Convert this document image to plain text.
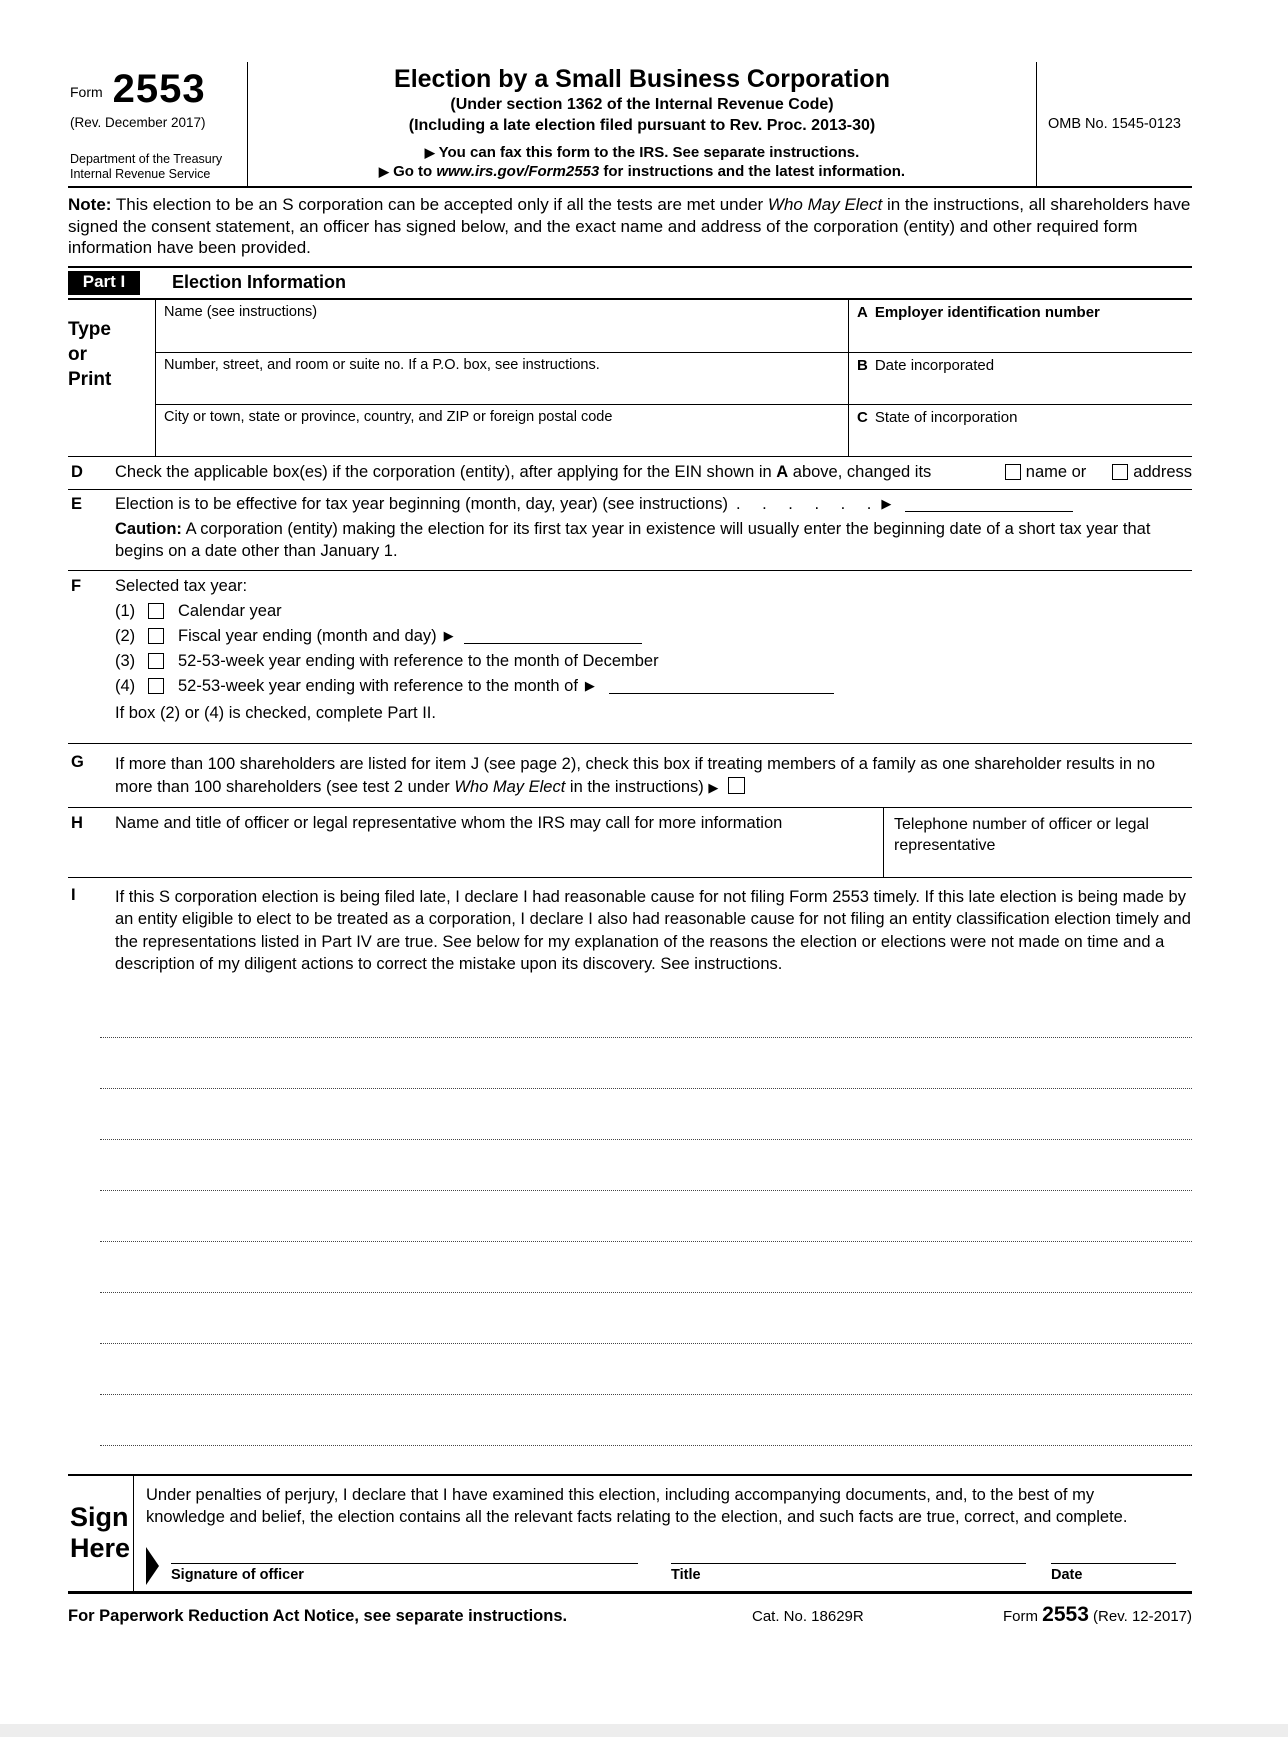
Form 2553
(Rev. December 2017)
Department of the Treasury
Internal Revenue Service
Election by a Small Business Corporation
(Under section 1362 of the Internal Revenue Code)
(Including a late election filed pursuant to Rev. Proc. 2013-30)
▶ You can fax this form to the IRS. See separate instructions.
▶ Go to www.irs.gov/Form2553 for instructions and the latest information.
OMB No. 1545-0123
Note: This election to be an S corporation can be accepted only if all the tests are met under Who May Elect in the instructions, all shareholders have signed the consent statement, an officer has signed below, and the exact name and address of the corporation (entity) and other required form information have been provided.
Part I	Election Information
Type
or
Print
Name (see instructions)	A Employer identification number
Number, street, and room or suite no. If a P.O. box, see instructions.	B Date incorporated
City or town, state or province, country, and ZIP or foreign postal code	C State of incorporation
D	Check the applicable box(es) if the corporation (entity), after applying for the EIN shown in A above, changed its	name or	address
E	Election is to be effective for tax year beginning (month, day, year) (see instructions) . . . . . . ▶
Caution: A corporation (entity) making the election for its first tax year in existence will usually enter the beginning date of a short tax year that begins on a date other than January 1.
F	Selected tax year:
(1)	Calendar year
(2)	Fiscal year ending (month and day) ▶
(3)	52-53-week year ending with reference to the month of December
(4)	52-53-week year ending with reference to the month of ▶
If box (2) or (4) is checked, complete Part II.
G	If more than 100 shareholders are listed for item J (see page 2), check this box if treating members of a family as one shareholder results in no more than 100 shareholders (see test 2 under Who May Elect in the instructions) ▶
H	Name and title of officer or legal representative whom the IRS may call for more information	Telephone number of officer or legal representative
I	If this S corporation election is being filed late, I declare I had reasonable cause for not filing Form 2553 timely. If this late election is being made by an entity eligible to elect to be treated as a corporation, I declare I also had reasonable cause for not filing an entity classification election timely and the representations listed in Part IV are true. See below for my explanation of the reasons the election or elections were not made on time and a description of my diligent actions to correct the mistake upon its discovery. See instructions.
Sign
Here
Under penalties of perjury, I declare that I have examined this election, including accompanying documents, and, to the best of my knowledge and belief, the election contains all the relevant facts relating to the election, and such facts are true, correct, and complete.
Signature of officer	Title	Date
For Paperwork Reduction Act Notice, see separate instructions.	Cat. No. 18629R	Form 2553 (Rev. 12-2017)
